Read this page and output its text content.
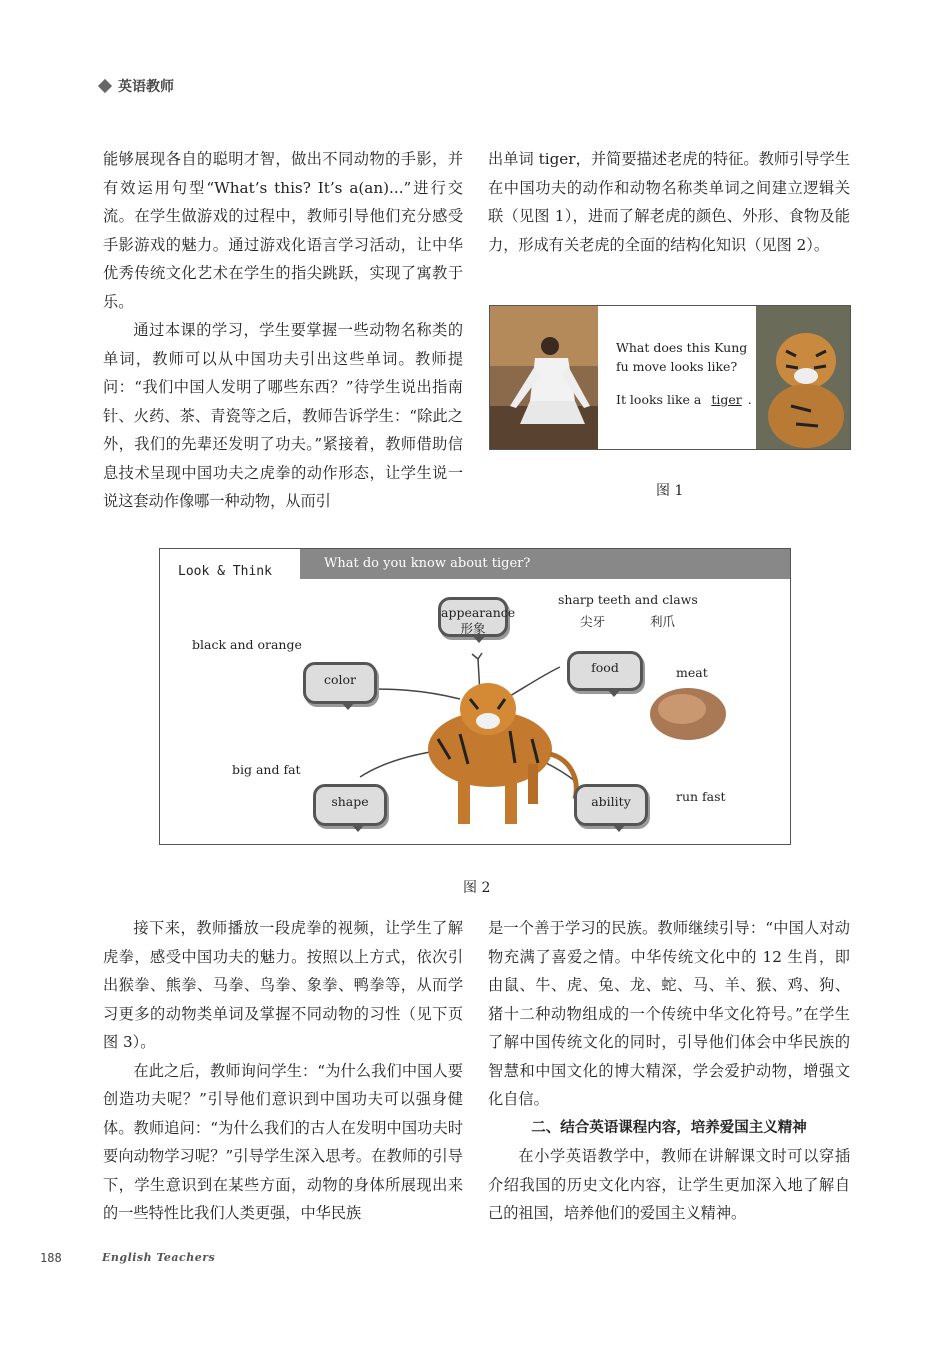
英语教师

能够展现各自的聪明才智，做出不同动物的手影，并有效运用句型“What’s this? It’s a(an)...”进行交流。在学生做游戏的过程中，教师引导他们充分感受手影游戏的魅力。通过游戏化语言学习活动，让中华优秀传统文化艺术在学生的指尖跳跃，实现了寓教于乐。

通过本课的学习，学生要掌握一些动物名称类的单词，教师可以从中国功夫引出这些单词。教师提问：“我们中国人发明了哪些东西？”待学生说出指南针、火药、茶、青瓷等之后，教师告诉学生：“除此之外，我们的先辈还发明了功夫。”紧接着，教师借助信息技术呈现中国功夫之虎拳的动作形态，让学生说一说这套动作像哪一种动物，从而引

出单词 tiger，并简要描述老虎的特征。教师引导学生在中国功夫的动作和动物名称类单词之间建立逻辑关联（见图 1），进而了解老虎的颜色、外形、食物及能力，形成有关老虎的全面的结构化知识（见图 2）。

What does this Kung fu move looks like?
It looks like a tiger .
图 1
Look & Think
What do you know about tiger?
appearance
形象
color
food
shape	ability
black and orange
sharp teeth and claws
尖牙	利爪
meat
big and fat
run fast
图 2

接下来，教师播放一段虎拳的视频，让学生了解虎拳，感受中国功夫的魅力。按照以上方式，依次引出猴拳、熊拳、马拳、鸟拳、象拳、鸭拳等，从而学习更多的动物类单词及掌握不同动物的习性（见下页图 3）。

在此之后，教师询问学生：“为什么我们中国人要创造功夫呢？”引导他们意识到中国功夫可以强身健体。教师追问：“为什么我们的古人在发明中国功夫时要向动物学习呢？”引导学生深入思考。在教师的引导下，学生意识到在某些方面，动物的身体所展现出来的一些特性比我们人类更强，中华民族

是一个善于学习的民族。教师继续引导：“中国人对动物充满了喜爱之情。中华传统文化中的 12 生肖，即由鼠、牛、虎、兔、龙、蛇、马、羊、猴、鸡、狗、猪十二种动物组成的一个传统中华文化符号。”在学生了解中国传统文化的同时，引导他们体会中华民族的智慧和中国文化的博大精深，学会爱护动物，增强文化自信。

二、结合英语课程内容，培养爱国主义精神

在小学英语教学中，教师在讲解课文时可以穿插介绍我国的历史文化内容，让学生更加深入地了解自己的祖国，培养他们的爱国主义精神。

188	English Teachers
